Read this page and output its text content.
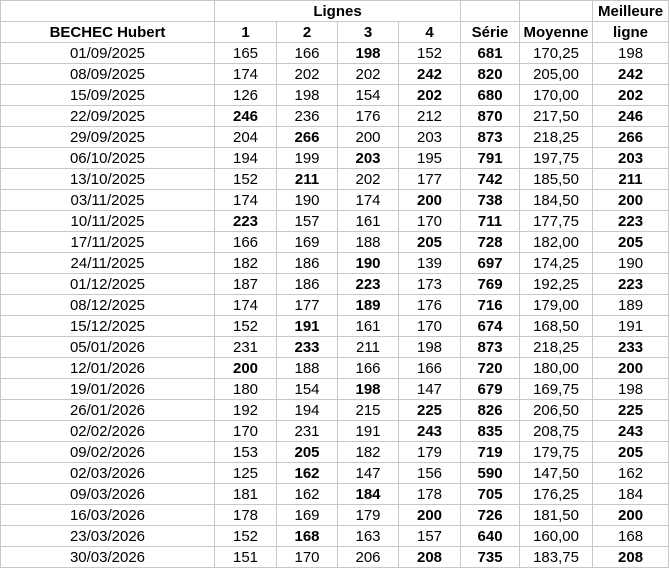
	Lignes						Meilleure
BECHEC Hubert	1	2	3	4	Série	Moyenne	ligne
01/09/2025	165	166	198	152	681	170,25	198
08/09/2025	174	202	202	242	820	205,00	242
15/09/2025	126	198	154	202	680	170,00	202
22/09/2025	246	236	176	212	870	217,50	246
29/09/2025	204	266	200	203	873	218,25	266
06/10/2025	194	199	203	195	791	197,75	203
13/10/2025	152	211	202	177	742	185,50	211
03/11/2025	174	190	174	200	738	184,50	200
10/11/2025	223	157	161	170	711	177,75	223
17/11/2025	166	169	188	205	728	182,00	205
24/11/2025	182	186	190	139	697	174,25	190
01/12/2025	187	186	223	173	769	192,25	223
08/12/2025	174	177	189	176	716	179,00	189
15/12/2025	152	191	161	170	674	168,50	191
05/01/2026	231	233	211	198	873	218,25	233
12/01/2026	200	188	166	166	720	180,00	200
19/01/2026	180	154	198	147	679	169,75	198
26/01/2026	192	194	215	225	826	206,50	225
02/02/2026	170	231	191	243	835	208,75	243
09/02/2026	153	205	182	179	719	179,75	205
02/03/2026	125	162	147	156	590	147,50	162
09/03/2026	181	162	184	178	705	176,25	184
16/03/2026	178	169	179	200	726	181,50	200
23/03/2026	152	168	163	157	640	160,00	168
30/03/2026	151	170	206	208	735	183,75	208
